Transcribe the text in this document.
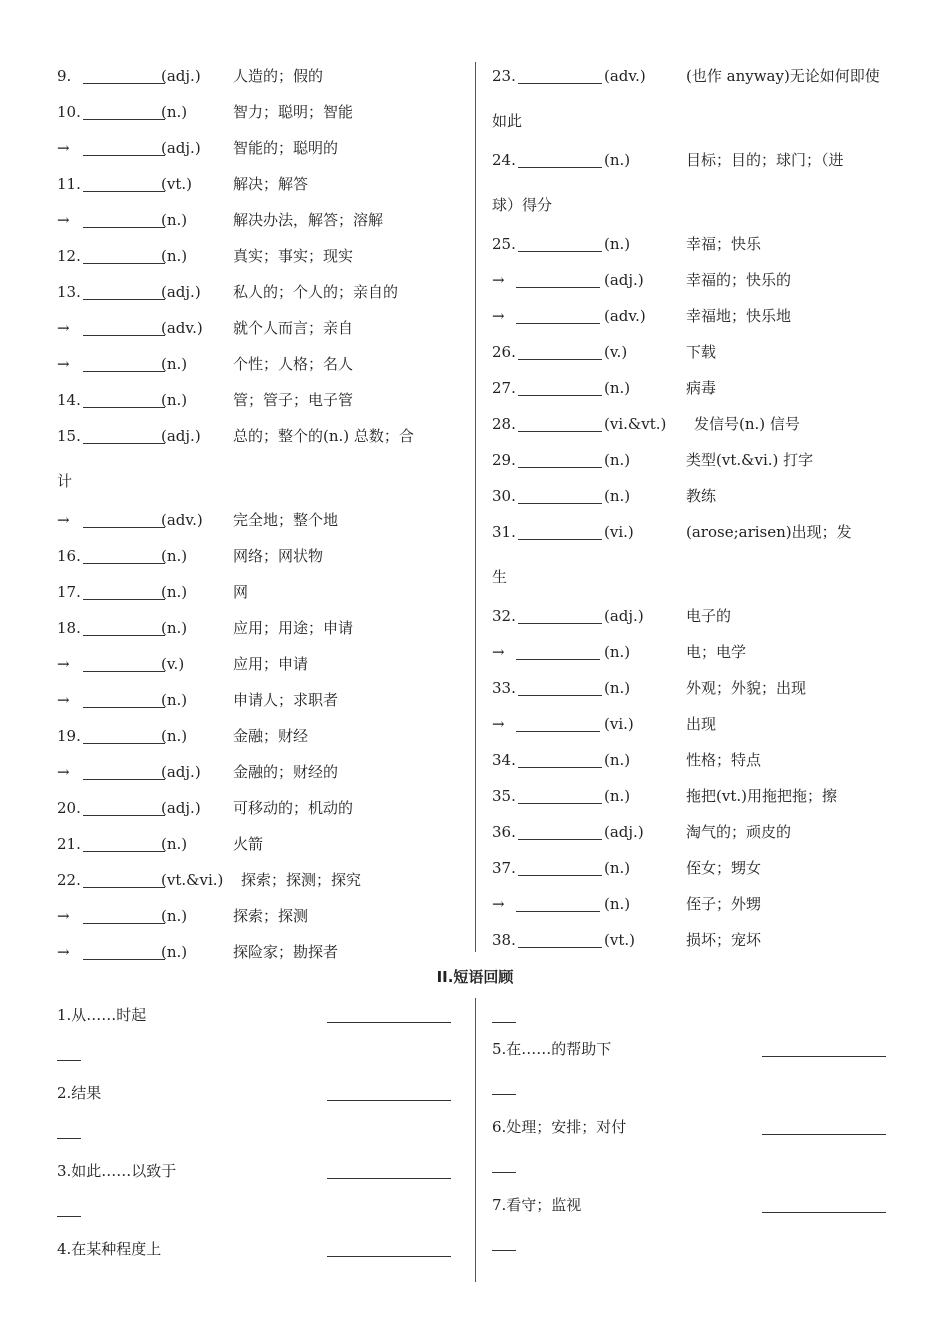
9.	(adj.) 人造的；假的
10.	(n.)	智力；聪明；智能
→	(adj.) 智能的；聪明的
11.	(vt.)	解决；解答
→	(n.)	解决办法，解答；溶解
12.	(n.)	真实；事实；现实
13.	(adj.) 私人的；个人的；亲自的
→	(adv.) 就个人而言；亲自
→	(n.)	个性；人格；名人
14.	(n.)	管；管子；电子管
15.	(adj.) 总的；整个的(n.) 总数；合
计
→	(adv.) 完全地；整个地
16.	(n.)	网络；网状物
17.	(n.)	网
18.	(n.)	应用；用途；申请
→	(v.)	应用；申请
→	(n.)	申请人；求职者
19.	(n.)	金融；财经
→	(adj.) 金融的；财经的
20.	(adj.) 可移动的；机动的
21.	(n.)	火箭
22.	(vt.&vi.) 探索；探测；探究
→	(n.)	探索；探测
→	(n.)	探险家；勘探者
23.	(adv.)	(也作 anyway)无论如何即使
如此
24.	(n.)	目标；目的；球门；（进
球）得分
25.	(n.)	幸福；快乐
→	(adj.)	幸福的；快乐的
→	(adv.)	幸福地；快乐地
26.	(v.)	下载
27.	(n.)	病毒
28.	(vi.&vt.) 发信号(n.) 信号
29.	(n.)	类型(vt.&vi.) 打字
30.	(n.)	教练
31.	(vi.)	(arose;arisen)出现；发
生
32.	(adj.)	电子的
→	(n.)	电；电学
33.	(n.)	外观；外貌；出现
→	(vi.)	出现
34.	(n.)	性格；特点
35.	(n.)	拖把(vt.)用拖把拖；擦
36.	(adj.)	淘气的；顽皮的
37.	(n.)	侄女；甥女
→	(n.)	侄子；外甥
38.	(vt.)	损坏；宠坏
II.短语回顾
1.从……时起
2.结果
3.如此……以致于
4.在某种程度上
5.在……的帮助下
6.处理；安排；对付
7.看守；监视
